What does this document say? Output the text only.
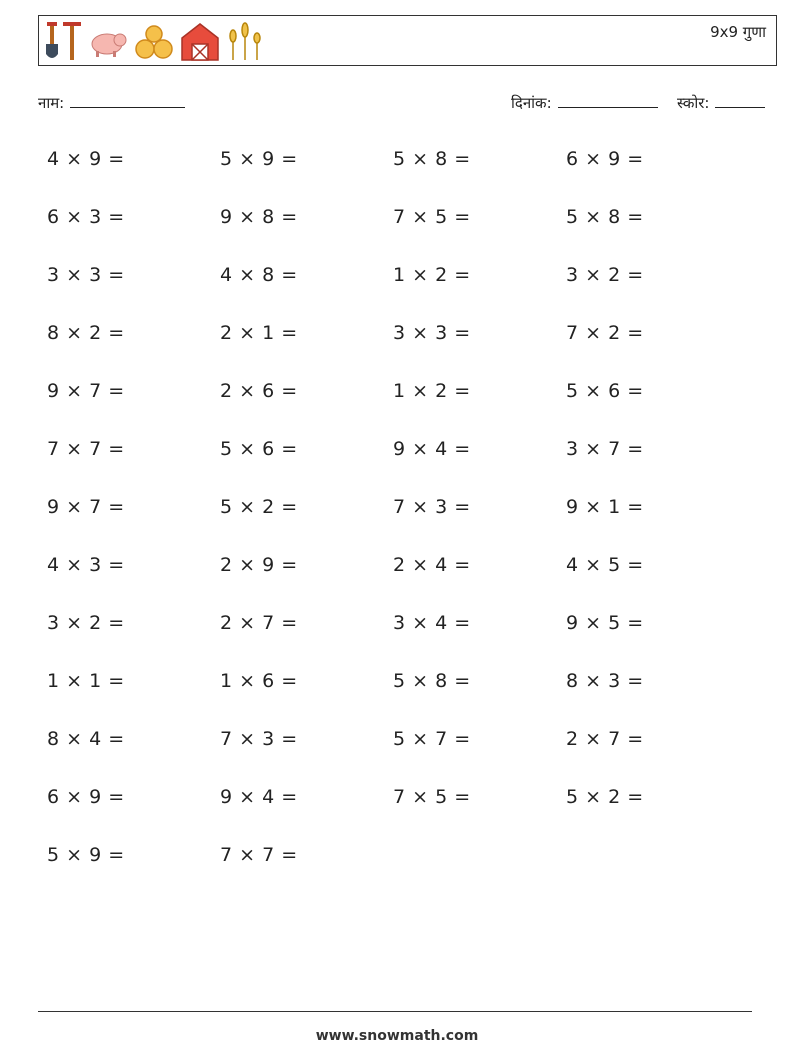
9x9 गुणा
नाम:	दिनांक:	स्कोर:
4 × 9 =	5 × 9 =	5 × 8 =	6 × 9 =
6 × 3 =	9 × 8 =	7 × 5 =	5 × 8 =
3 × 3 =	4 × 8 =	1 × 2 =	3 × 2 =
8 × 2 =	2 × 1 =	3 × 3 =	7 × 2 =
9 × 7 =	2 × 6 =	1 × 2 =	5 × 6 =
7 × 7 =	5 × 6 =	9 × 4 =	3 × 7 =
9 × 7 =	5 × 2 =	7 × 3 =	9 × 1 =
4 × 3 =	2 × 9 =	2 × 4 =	4 × 5 =
3 × 2 =	2 × 7 =	3 × 4 =	9 × 5 =
1 × 1 =	1 × 6 =	5 × 8 =	8 × 3 =
8 × 4 =	7 × 3 =	5 × 7 =	2 × 7 =
6 × 9 =	9 × 4 =	7 × 5 =	5 × 2 =
5 × 9 =	7 × 7 =
www.snowmath.com
